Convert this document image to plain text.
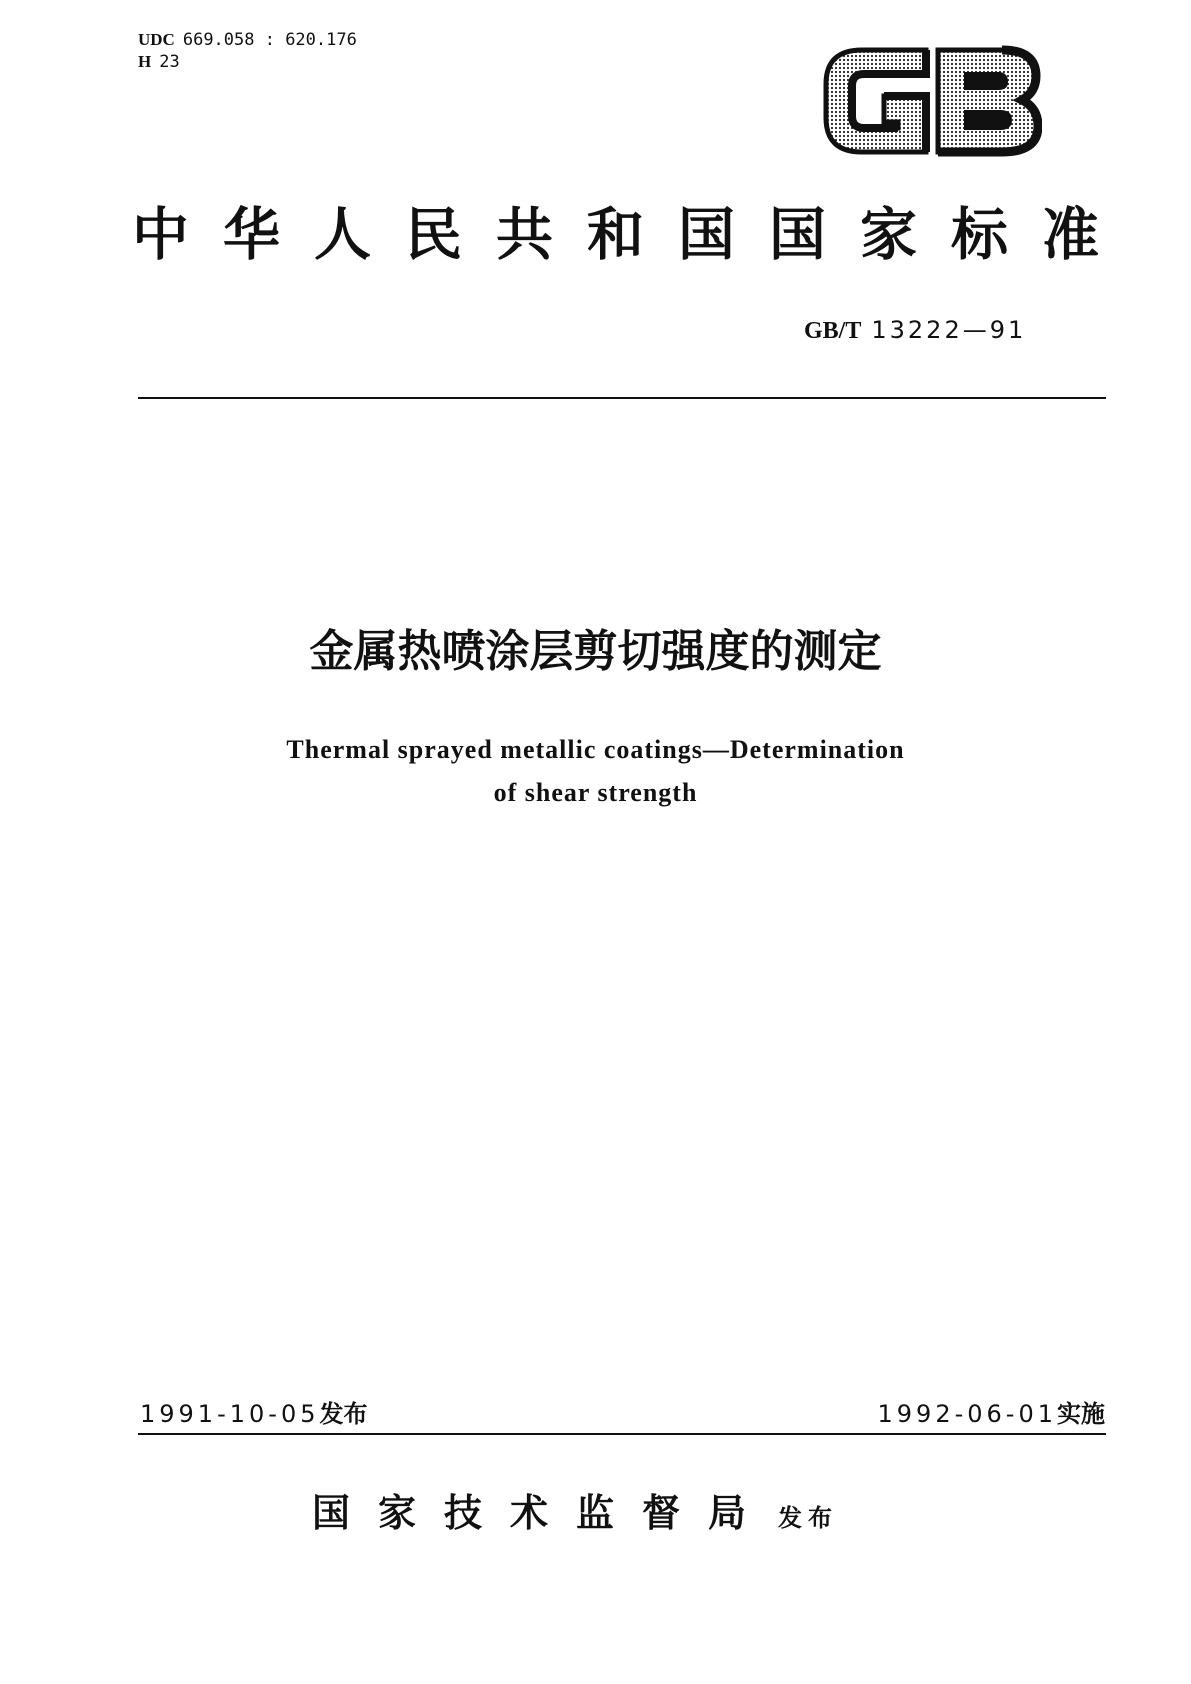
UDC 669.058 : 620.176
H 23
中华人民共和国国家标准
GB/T 13222—91
金属热喷涂层剪切强度的测定
Thermal sprayed metallic coatings—Determination
of shear strength
1991-10-05发布	1992-06-01实施
国家技术监督局 发布
